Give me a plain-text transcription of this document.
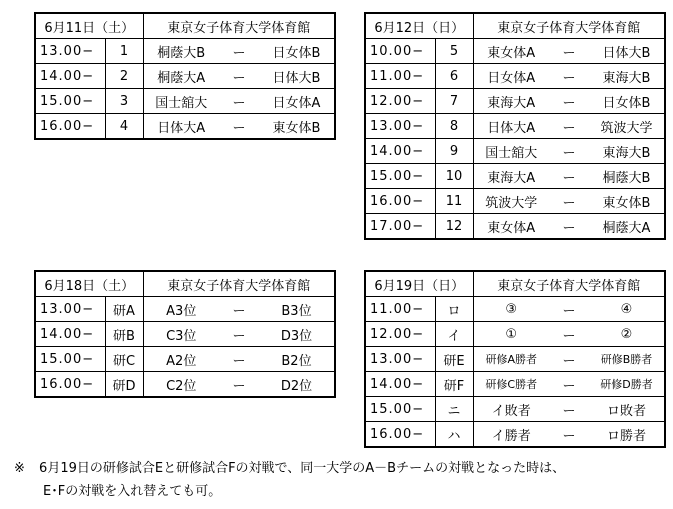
6月11日（土）		東京女子体育大学体育館		
13.00−	1	桐蔭大B	ー	日女体B
14.00−	2	桐蔭大A	ー	日体大B
15.00−	3	国士舘大	ー	日女体A
16.00−	4	日体大A	ー	東女体B
6月12日（日）		東京女子体育大学体育館		
10.00−	5	東女体A	ー	日体大B
11.00−	6	日女体A	ー	東海大B
12.00−	7	東海大A	ー	日女体B
13.00−	8	日体大A	ー	筑波大学
14.00−	9	国士舘大	ー	東海大B
15.00−	10	東海大A	ー	桐蔭大B
16.00−	11	筑波大学	ー	東女体B
17.00−	12	東女体A	ー	桐蔭大A
6月18日（土）		東京女子体育大学体育館		
13.00−	研A	A3位	ー	B3位
14.00−	研B	C3位	ー	D3位
15.00−	研C	A2位	ー	B2位
16.00−	研D	C2位	ー	D2位
6月19日（日）		東京女子体育大学体育館		
11.00−	ロ	③	ー	④
12.00−	イ	①	ー	②
13.00−	研E	研修A勝者	ー	研修B勝者
14.00−	研F	研修C勝者	ー	研修D勝者
15.00−	ニ	イ敗者	ー	ロ敗者
16.00−	ハ	イ勝者	ー	ロ勝者
※ 6月19日の研修試合Eと研修試合Fの対戦で、同一大学のA－Bチームの対戦となった時は、
E･Fの対戦を入れ替えても可。
